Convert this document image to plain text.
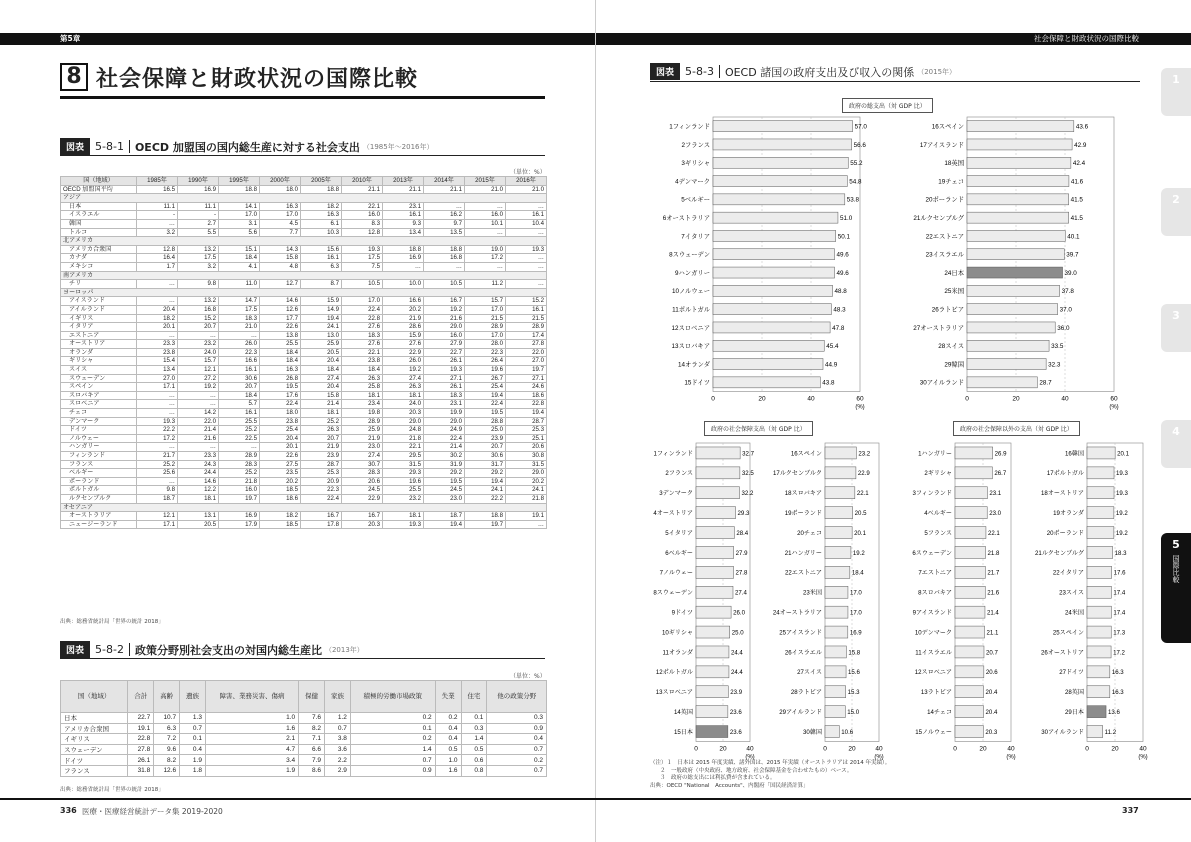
第5章	社会保障と財政状況の国際比較
8 社会保障と財政状況の国際比較
図表	5-8-1	OECD 加盟国の国内総生産に対する社会支出 （1985年〜2016年）
（単位：%）
国（地域）	1985年	1990年	1995年	2000年	2005年	2010年	2013年	2014年	2015年	2016年
OECD 加盟国平均	16.5	16.9	18.8	18.0	18.8	21.1	21.1	21.1	21.0	21.0
アジア										
日本	11.1	11.1	14.1	16.3	18.2	22.1	23.1	…	…	…
イスラエル	-	-	17.0	17.0	16.3	16.0	16.1	16.2	16.0	16.1
韓国	…	2.7	3.1	4.5	6.1	8.3	9.3	9.7	10.1	10.4
トルコ	3.2	5.5	5.6	7.7	10.3	12.8	13.4	13.5	…	…
北アメリカ										
アメリカ合衆国	12.8	13.2	15.1	14.3	15.6	19.3	18.8	18.8	19.0	19.3
カナダ	16.4	17.5	18.4	15.8	16.1	17.5	16.9	16.8	17.2	…
メキシコ	1.7	3.2	4.1	4.8	6.3	7.5	…	…	…	…
南アメリカ										
チリ	…	9.8	11.0	12.7	8.7	10.5	10.0	10.5	11.2	…
ヨーロッパ										
アイスランド	…	13.2	14.7	14.6	15.9	17.0	16.6	16.7	15.7	15.2
アイルランド	20.4	16.8	17.5	12.6	14.9	22.4	20.2	19.2	17.0	16.1
イギリス	18.2	15.2	18.3	17.7	19.4	22.8	21.9	21.6	21.5	21.5
イタリア	20.1	20.7	21.0	22.6	24.1	27.6	28.6	29.0	28.9	28.9
エストニア	…	…	…	13.8	13.0	18.3	15.9	16.0	17.0	17.4
オーストリア	23.3	23.2	26.0	25.5	25.9	27.6	27.6	27.9	28.0	27.8
オランダ	23.8	24.0	22.3	18.4	20.5	22.1	22.9	22.7	22.3	22.0
ギリシャ	15.4	15.7	16.6	18.4	20.4	23.8	26.0	26.1	26.4	27.0
スイス	13.4	12.1	16.1	16.3	18.4	18.4	19.2	19.3	19.6	19.7
スウェーデン	27.0	27.2	30.6	26.8	27.4	26.3	27.4	27.1	26.7	27.1
スペイン	17.1	19.2	20.7	19.5	20.4	25.8	26.3	26.1	25.4	24.6
スロバキア	…	…	18.4	17.6	15.8	18.1	18.1	18.3	19.4	18.6
スロベニア	…	…	5.7	22.4	21.4	23.4	24.0	23.1	22.4	22.8
チェコ	…	14.2	16.1	18.0	18.1	19.8	20.3	19.9	19.5	19.4
デンマーク	19.3	22.0	25.5	23.8	25.2	28.9	29.0	29.0	28.8	28.7
ドイツ	22.2	21.4	25.2	25.4	26.3	25.9	24.8	24.9	25.0	25.3
ノルウェー	17.2	21.6	22.5	20.4	20.7	21.9	21.8	22.4	23.9	25.1
ハンガリー	…	…	…	20.1	21.9	23.0	22.1	21.4	20.7	20.6
フィンランド	21.7	23.3	28.9	22.6	23.9	27.4	29.5	30.2	30.6	30.8
フランス	25.2	24.3	28.3	27.5	28.7	30.7	31.5	31.9	31.7	31.5
ベルギー	25.6	24.4	25.2	23.5	25.3	28.3	29.3	29.2	29.2	29.0
ポーランド	…	14.6	21.8	20.2	20.9	20.6	19.6	19.5	19.4	20.2
ポルトガル	9.8	12.2	16.0	18.5	22.3	24.5	25.5	24.5	24.1	24.1
ルクセンブルク	18.7	18.1	19.7	18.6	22.4	22.9	23.2	23.0	22.2	21.8
オセアニア										
オーストラリア	12.1	13.1	16.9	18.2	16.7	16.7	18.1	18.7	18.8	19.1
ニュージーランド	17.1	20.5	17.9	18.5	17.8	20.3	19.3	19.4	19.7	…
出典：総務省統計局「世界の統計 2018」
図表	5-8-2	政策分野別社会支出の対国内総生産比 （2013年）
（単位：%）
国（地域）	合計	高齢	遺族	障害、業務災害、傷病	保健	家族	積極的労働市場政策	失業	住宅	他の政策分野
日本	22.7	10.7	1.3	1.0	7.6	1.2	0.2	0.2	0.1	0.3
アメリカ合衆国	19.1	6.3	0.7	1.6	8.2	0.7	0.1	0.4	0.3	0.9
イギリス	22.8	7.2	0.1	2.1	7.1	3.8	0.2	0.4	1.4	0.4
スウェーデン	27.8	9.6	0.4	4.7	6.6	3.6	1.4	0.5	0.5	0.7
ドイツ	26.1	8.2	1.9	3.4	7.9	2.2	0.7	1.0	0.6	0.2
フランス	31.8	12.6	1.8	1.9	8.6	2.9	0.9	1.6	0.8	0.7
出典：総務省統計局「世界の統計 2018」
図表	5-8-3	OECD 諸国の政府支出及び収入の関係 （2015年）
政府の総支出（対 GDP 比）
0	20	40	60
(%)
1フィンランド	57.0
2フランス	56.6
3ギリシャ	55.2
4デンマーク	54.8
5ベルギー	53.8
6オーストラリア	51.0
7イタリア	50.1
8スウェーデン	49.6
9ハンガリー	49.6
10ノルウェー	48.8
11ポルトガル	48.3
12スロベニア	47.8
13スロバキア	45.4
14オランダ	44.9
15ドイツ	43.8
0	20	40	60
(%)
16スペイン	43.6
17アイスランド	42.9
18英国	42.4
19チェコ	41.6
20ポーランド	41.5
21ルクセンブルグ	41.5
22エストニア	40.1
23イスラエル	39.7
24日本	39.0
25米国	37.8
26ラトビア	37.0
27オーストラリア	36.0
28スイス	33.5
29韓国	32.3
30アイルランド	28.7
政府の社会保障支出（対 GDP 比）
0	20	40
(%)
1フィンランド	32.7
2フランス	32.5
3デンマーク	32.2
4オーストリア	29.3
5イタリア	28.4
6ベルギー	27.9
7ノルウェー	27.8
8スウェーデン	27.4
9ドイツ	26.0
10ギリシャ	25.0
11オランダ	24.4
12ポルトガル	24.4
13スロベニア	23.9
14英国	23.6
15日本	23.6
0	20	40
(%)
16スペイン	23.2
17ルクセンブルク	22.9
18スロバキア	22.1
19ポーランド	20.5
20チェコ	20.1
21ハンガリー	19.2
22エストニア	18.4
23米国	17.0
24オーストラリア	17.0
25アイスランド	16.9
26イスラエル	15.8
27スイス	15.6
28ラトビア	15.3
29アイルランド	15.0
30韓国	10.6
政府の社会保障以外の支出（対 GDP 比）
0	20	40
(%)
1ハンガリー	26.9
2ギリシャ	26.7
3フィンランド	23.1
4ベルギー	23.0
5フランス	22.1
6スウェーデン	21.8
7エストニア	21.7
8スロバキア	21.6
9アイスランド	21.4
10デンマーク	21.1
11イスラエル	20.7
12スロベニア	20.6
13ラトビア	20.4
14チェコ	20.4
15ノルウェー	20.3
0	20	40
(%)
16韓国	20.1
17ポルトガル	19.3
18オーストリア	19.3
19オランダ	19.2
20ポーランド	19.2
21ルクセンブルグ	18.3
22イタリア	17.6
23スイス	17.4
24米国	17.4
25スペイン	17.3
26オーストリア	17.2
27ドイツ	16.3
28英国	16.3
29日本	13.6
30アイルランド	11.2
（注）１　日本は 2015 年度実績、諸外国は、2015 年実績（オーストラリアは 2014 年実績）。
２　一般政府（中央政府、地方政府、社会保障基金を合わせたもの）ベース。
３　政府の総支出には利払費が含まれている。
出典：OECD "National　Accounts"、内閣府「国民経済計算」
1
2
3
4
5
国際比較
336 医療・医療経営統計データ集 2019-2020	337
